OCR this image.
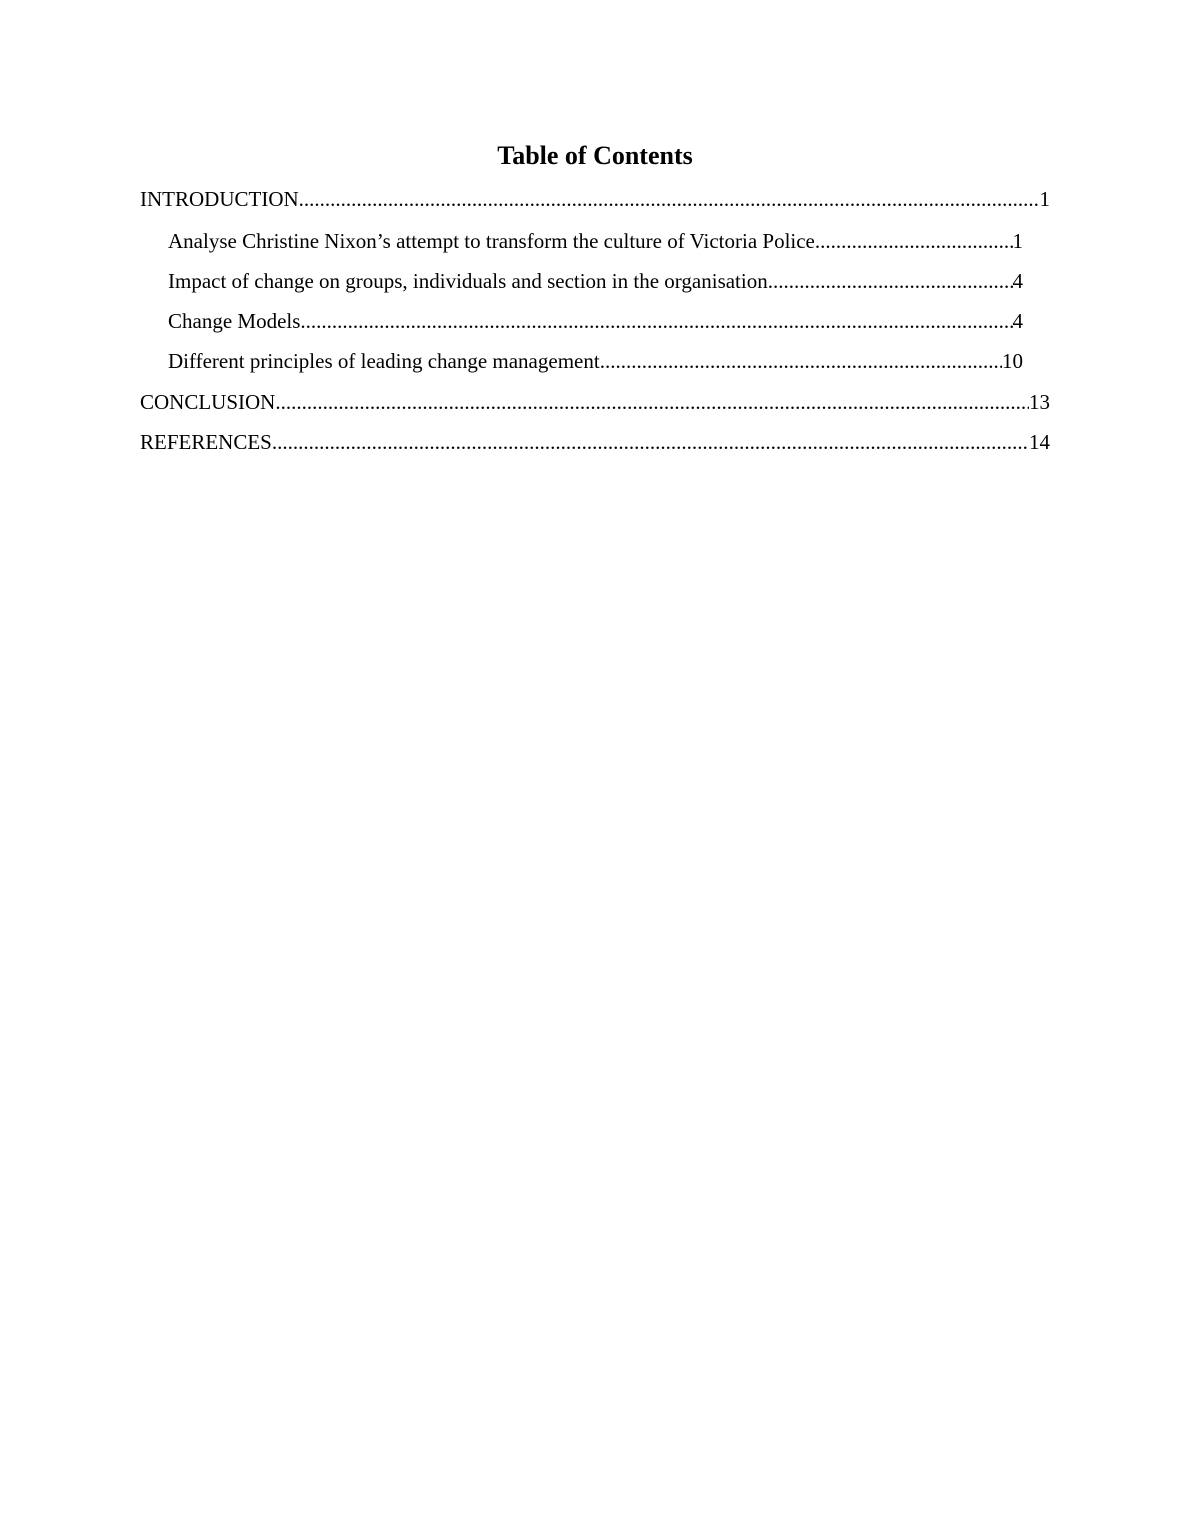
Table of Contents
INTRODUCTION .....	1
Analyse Christine Nixon’s attempt to transform the culture of Victoria Police .....	1
Impact of change on groups, individuals and section in the organisation .....	4
Change Models .....	4
Different principles of leading change management .....	10
CONCLUSION .....	13
REFERENCES .....	14
